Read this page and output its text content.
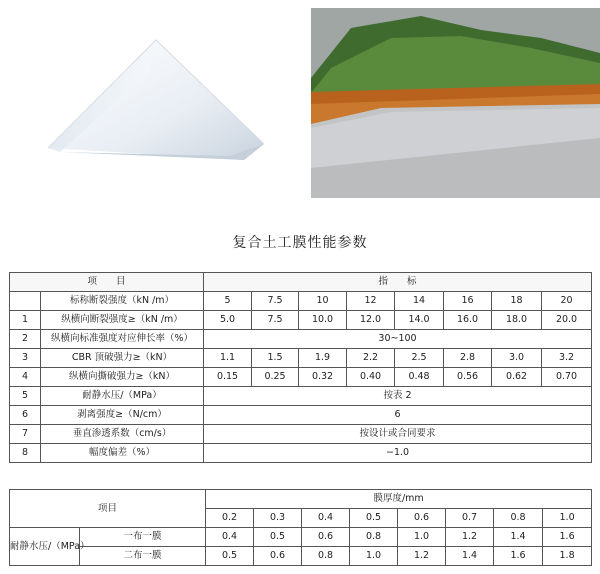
复合土工膜性能参数
项　　目		指　　标							
	标称断裂强度（kN /m）	5	7.5	10	12	14	16	18	20
1	纵横向断裂强度≥（kN /m）	5.0	7.5	10.0	12.0	14.0	16.0	18.0	20.0
2	纵横向标准强度对应伸长率（%）	30~100							
3	CBR 顶破强力≥（kN）	1.1	1.5	1.9	2.2	2.5	2.8	3.0	3.2
4	纵横向撕破强力≥（kN）	0.15	0.25	0.32	0.40	0.48	0.56	0.62	0.70
5	耐静水压/（MPa）	按表 2							
6	剥离强度≥（N/cm）	6							
7	垂直渗透系数（cm/s）	按设计或合同要求							
8	幅度偏差（%）	−1.0							
项目		膜厚度/mm							
		0.2	0.3	0.4	0.5	0.6	0.7	0.8	1.0
耐静水压/（MPa）	一布一膜	0.4	0.5	0.6	0.8	1.0	1.2	1.4	1.6
	二布一膜	0.5	0.6	0.8	1.0	1.2	1.4	1.6	1.8
